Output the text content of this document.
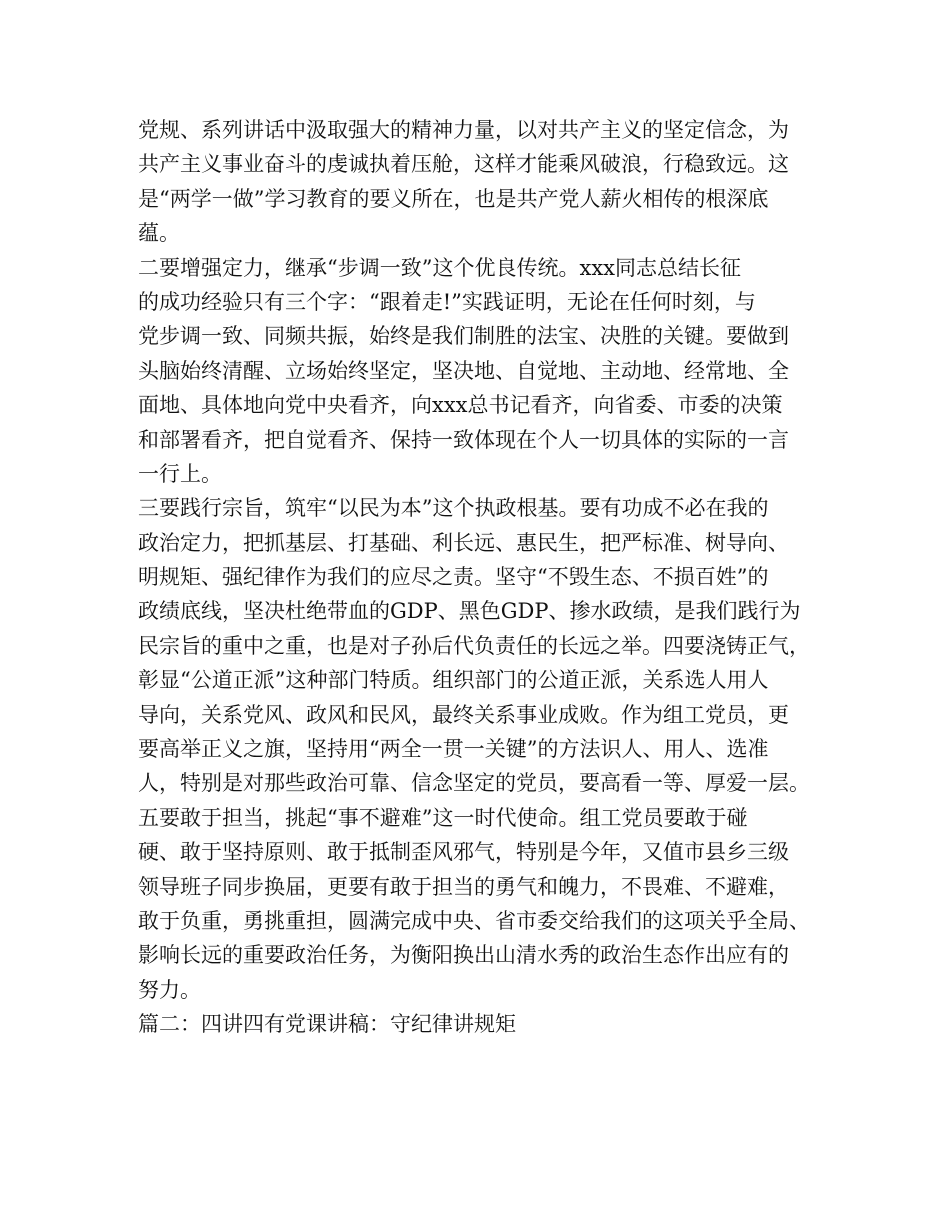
党规、系列讲话中汲取强大的精神力量，以对共产主义的坚定信念，为
共产主义事业奋斗的虔诚执着压舱，这样才能乘风破浪，行稳致远。这
是“两学一做”学习教育的要义所在，也是共产党人薪火相传的根深底
蕴。
二要增强定力，继承“步调一致”这个优良传统。xxx同志总结长征
的成功经验只有三个字：“跟着走!”实践证明，无论在任何时刻，与
党步调一致、同频共振，始终是我们制胜的法宝、决胜的关键。要做到
头脑始终清醒、立场始终坚定，坚决地、自觉地、主动地、经常地、全
面地、具体地向党中央看齐，向xxx总书记看齐，向省委、市委的决策
和部署看齐，把自觉看齐、保持一致体现在个人一切具体的实际的一言
一行上。
三要践行宗旨，筑牢“以民为本”这个执政根基。要有功成不必在我的
政治定力，把抓基层、打基础、利长远、惠民生，把严标准、树导向、
明规矩、强纪律作为我们的应尽之责。坚守“不毁生态、不损百姓”的
政绩底线，坚决杜绝带血的GDP、黑色GDP、掺水政绩，是我们践行为
民宗旨的重中之重，也是对子孙后代负责任的长远之举。四要浇铸正气，
彰显“公道正派”这种部门特质。组织部门的公道正派，关系选人用人
导向，关系党风、政风和民风，最终关系事业成败。作为组工党员，更
要高举正义之旗，坚持用“两全一贯一关键”的方法识人、用人、选准
人，特别是对那些政治可靠、信念坚定的党员，要高看一等、厚爱一层。
五要敢于担当，挑起“事不避难”这一时代使命。组工党员要敢于碰
硬、敢于坚持原则、敢于抵制歪风邪气，特别是今年，又值市县乡三级
领导班子同步换届，更要有敢于担当的勇气和魄力，不畏难、不避难，
敢于负重，勇挑重担，圆满完成中央、省市委交给我们的这项关乎全局、
影响长远的重要政治任务，为衡阳换出山清水秀的政治生态作出应有的
努力。
篇二：四讲四有党课讲稿：守纪律讲规矩
